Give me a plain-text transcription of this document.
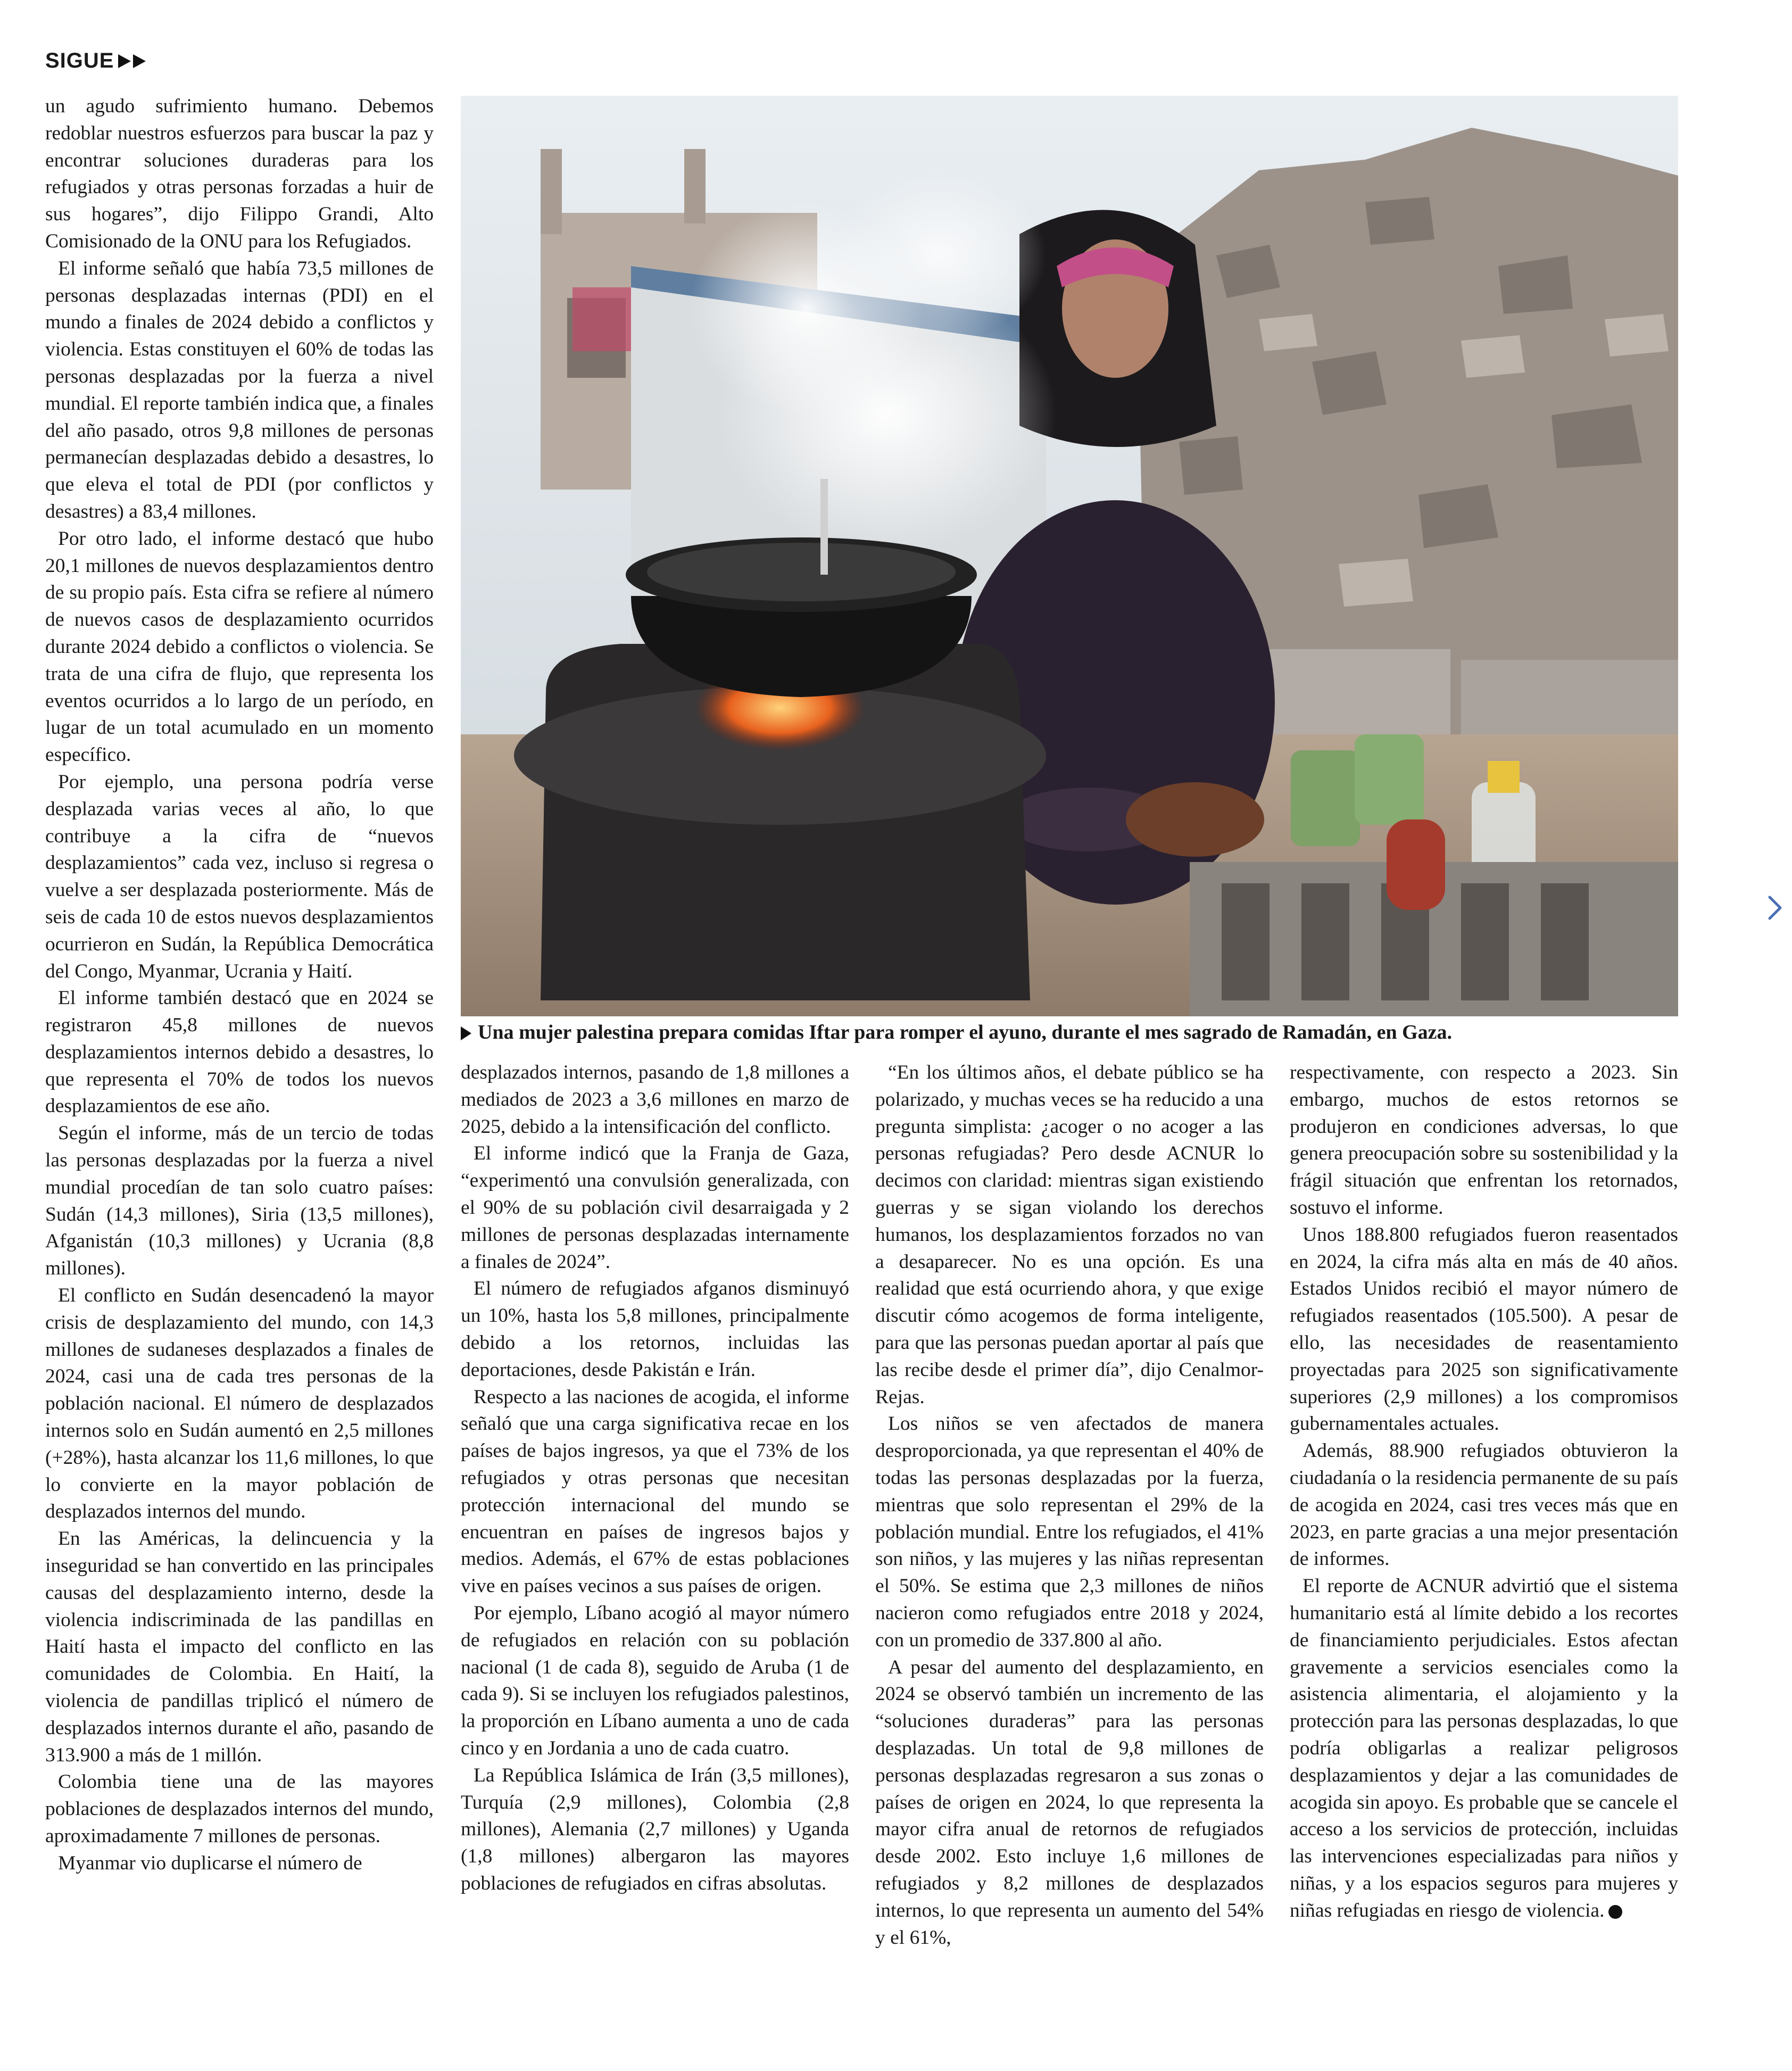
SIGUE

un agudo sufrimiento humano. Debemos redoblar nuestros esfuerzos para buscar la paz y encontrar soluciones duraderas para los refugiados y otras personas forzadas a huir de sus hogares”, dijo Filippo Grandi, Alto Comisionado de la ONU para los Refugiados.

El informe señaló que había 73,5 millones de personas desplazadas internas (PDI) en el mundo a finales de 2024 debido a conflictos y violencia. Estas constituyen el 60% de todas las personas desplazadas por la fuerza a nivel mundial. El reporte también indica que, a finales del año pasado, otros 9,8 millones de personas permanecían desplazadas debido a desastres, lo que eleva el total de PDI (por conflictos y desastres) a 83,4 millones.

Por otro lado, el informe destacó que hubo 20,1 millones de nuevos desplazamientos dentro de su propio país. Esta cifra se refiere al número de nuevos casos de desplazamiento ocurridos durante 2024 debido a conflictos o violencia. Se trata de una cifra de flujo, que representa los eventos ocurridos a lo largo de un período, en lugar de un total acumulado en un momento específico.

Por ejemplo, una persona podría verse desplazada varias veces al año, lo que contribuye a la cifra de “nuevos desplazamientos” cada vez, incluso si regresa o vuelve a ser desplazada posteriormente. Más de seis de cada 10 de estos nuevos desplazamientos ocurrieron en Sudán, la República Democrática del Congo, Myanmar, Ucrania y Haití.

El informe también destacó que en 2024 se registraron 45,8 millones de nuevos desplazamientos internos debido a desastres, lo que representa el 70% de todos los nuevos desplazamientos de ese año.

Según el informe, más de un tercio de todas las personas desplazadas por la fuerza a nivel mundial procedían de tan solo cuatro países: Sudán (14,3 millones), Siria (13,5 millones), Afganistán (10,3 millones) y Ucrania (8,8 millones).

El conflicto en Sudán desencadenó la mayor crisis de desplazamiento del mundo, con 14,3 millones de sudaneses desplazados a finales de 2024, casi una de cada tres personas de la población nacional. El número de desplazados internos solo en Sudán aumentó en 2,5 millones (+28%), hasta alcanzar los 11,6 millones, lo que lo convierte en la mayor población de desplazados internos del mundo.

En las Américas, la delincuencia y la inseguridad se han convertido en las principales causas del desplazamiento interno, desde la violencia indiscriminada de las pandillas en Haití hasta el impacto del conflicto en las comunidades de Colombia. En Haití, la violencia de pandillas triplicó el número de desplazados internos durante el año, pasando de 313.900 a más de 1 millón.

Colombia tiene una de las mayores poblaciones de desplazados internos del mundo, aproximadamente 7 millones de personas.

Myanmar vio duplicarse el número de

Una mujer palestina prepara comidas Iftar para romper el ayuno, durante el mes sagrado de Ramadán, en Gaza.

desplazados internos, pasando de 1,8 millones a mediados de 2023 a 3,6 millones en marzo de 2025, debido a la intensificación del conflicto.

El informe indicó que la Franja de Gaza, “experimentó una convulsión generalizada, con el 90% de su población civil desarraigada y 2 millones de personas desplazadas internamente a finales de 2024”.

El número de refugiados afganos disminuyó un 10%, hasta los 5,8 millones, principalmente debido a los retornos, incluidas las deportaciones, desde Pakistán e Irán.

Respecto a las naciones de acogida, el informe señaló que una carga significativa recae en los países de bajos ingresos, ya que el 73% de los refugiados y otras personas que necesitan protección internacional del mundo se encuentran en países de ingresos bajos y medios. Además, el 67% de estas poblaciones vive en países vecinos a sus países de origen.

Por ejemplo, Líbano acogió al mayor número de refugiados en relación con su población nacional (1 de cada 8), seguido de Aruba (1 de cada 9). Si se incluyen los refugiados palestinos, la proporción en Líbano aumenta a uno de cada cinco y en Jordania a uno de cada cuatro.

La República Islámica de Irán (3,5 millones), Turquía (2,9 millones), Colombia (2,8 millones), Alemania (2,7 millones) y Uganda (1,8 millones) albergaron las mayores poblaciones de refugiados en cifras absolutas.

“En los últimos años, el debate público se ha polarizado, y muchas veces se ha reducido a una pregunta simplista: ¿acoger o no acoger a las personas refugiadas? Pero desde ACNUR lo decimos con claridad: mientras sigan existiendo guerras y se sigan violando los derechos humanos, los desplazamientos forzados no van a desaparecer. No es una opción. Es una realidad que está ocurriendo ahora, y que exige discutir cómo acogemos de forma inteligente, para que las personas puedan aportar al país que las recibe desde el primer día”, dijo Cenalmor-Rejas.

Los niños se ven afectados de manera desproporcionada, ya que representan el 40% de todas las personas desplazadas por la fuerza, mientras que solo representan el 29% de la población mundial. Entre los refugiados, el 41% son niños, y las mujeres y las niñas representan el 50%. Se estima que 2,3 millones de niños nacieron como refugiados entre 2018 y 2024, con un promedio de 337.800 al año.

A pesar del aumento del desplazamiento, en 2024 se observó también un incremento de las “soluciones duraderas” para las personas desplazadas. Un total de 9,8 millones de personas desplazadas regresaron a sus zonas o países de origen en 2024, lo que representa la mayor cifra anual de retornos de refugiados desde 2002. Esto incluye 1,6 millones de refugiados y 8,2 millones de desplazados internos, lo que representa un aumento del 54% y el 61%,

respectivamente, con respecto a 2023. Sin embargo, muchos de estos retornos se produjeron en condiciones adversas, lo que genera preocupación sobre su sostenibilidad y la frágil situación que enfrentan los retornados, sostuvo el informe.

Unos 188.800 refugiados fueron reasentados en 2024, la cifra más alta en más de 40 años. Estados Unidos recibió el mayor número de refugiados reasentados (105.500). A pesar de ello, las necesidades de reasentamiento proyectadas para 2025 son significativamente superiores (2,9 millones) a los compromisos gubernamentales actuales.

Además, 88.900 refugiados obtuvieron la ciudadanía o la residencia permanente de su país de acogida en 2024, casi tres veces más que en 2023, en parte gracias a una mejor presentación de informes.

El reporte de ACNUR advirtió que el sistema humanitario está al límite debido a los recortes de financiamiento perjudiciales. Estos afectan gravemente a servicios esenciales como la asistencia alimentaria, el alojamiento y la protección para las personas desplazadas, lo que podría obligarlas a realizar peligrosos desplazamientos y dejar a las comunidades de acogida sin apoyo. Es probable que se cancele el acceso a los servicios de protección, incluidas las intervenciones especializadas para niños y niñas, y a los espacios seguros para mujeres y niñas refugiadas en riesgo de violencia.
